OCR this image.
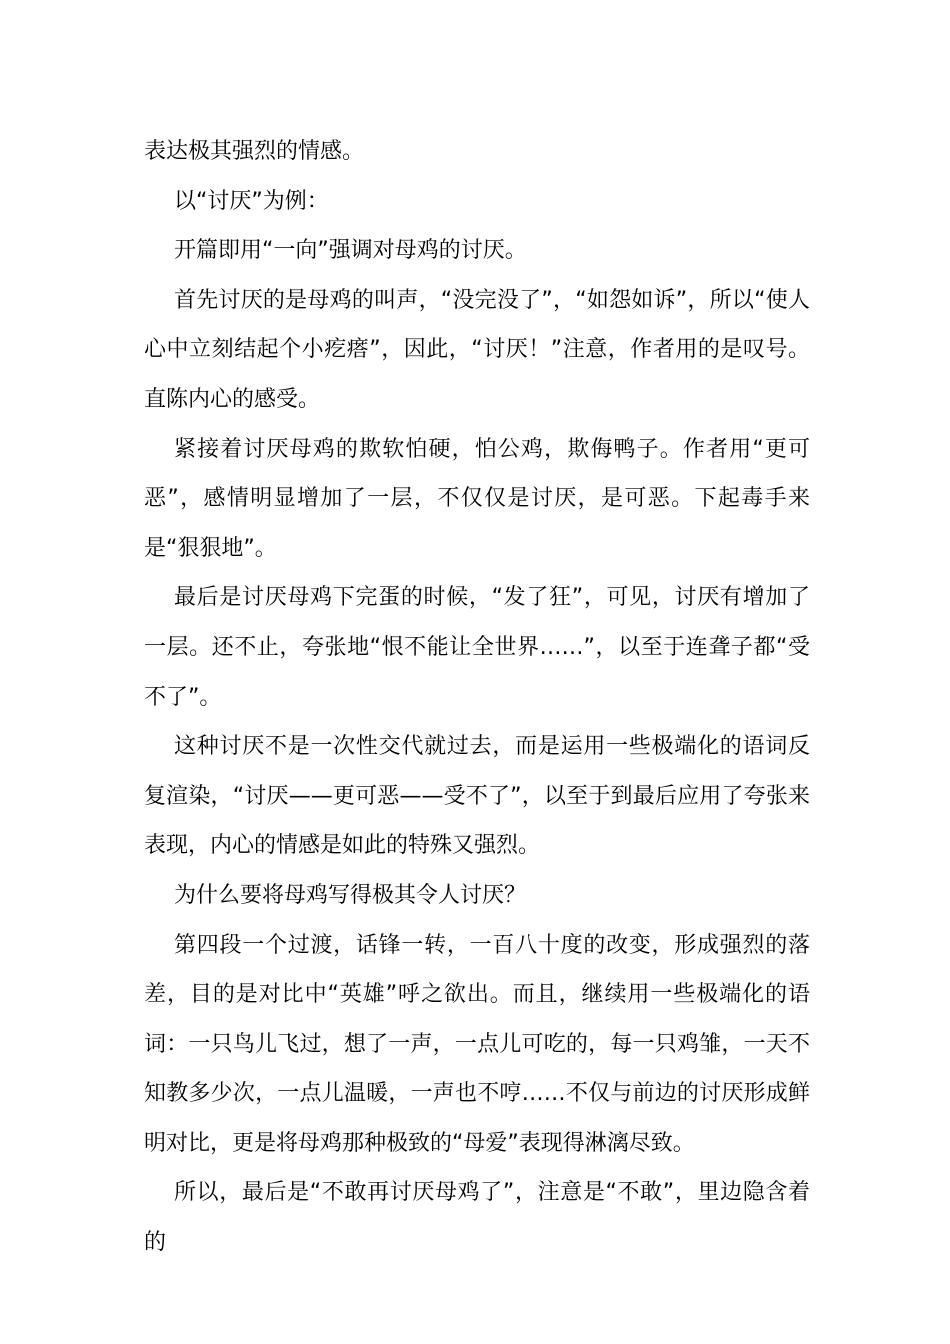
表达极其强烈的情感。

以“讨厌”为例：

开篇即用“一向”强调对母鸡的讨厌。

首先讨厌的是母鸡的叫声，“没完没了”，“如怨如诉”，所以“使人心中立刻结起个小疙瘩”，因此，“讨厌！”注意，作者用的是叹号。直陈内心的感受。

紧接着讨厌母鸡的欺软怕硬，怕公鸡，欺侮鸭子。作者用“更可恶”，感情明显增加了一层，不仅仅是讨厌，是可恶。下起毒手来是“狠狠地”。

最后是讨厌母鸡下完蛋的时候，“发了狂”，可见，讨厌有增加了一层。还不止，夸张地“恨不能让全世界……”，以至于连聋子都“受不了”。

这种讨厌不是一次性交代就过去，而是运用一些极端化的语词反复渲染，“讨厌——更可恶——受不了”，以至于到最后应用了夸张来表现，内心的情感是如此的特殊又强烈。

为什么要将母鸡写得极其令人讨厌？

第四段一个过渡，话锋一转，一百八十度的改变，形成强烈的落差，目的是对比中“英雄”呼之欲出。而且，继续用一些极端化的语词：一只鸟儿飞过，想了一声，一点儿可吃的，每一只鸡雏，一天不知教多少次，一点儿温暖，一声也不哼……不仅与前边的讨厌形成鲜明对比，更是将母鸡那种极致的“母爱”表现得淋漓尽致。

所以，最后是“不敢再讨厌母鸡了”，注意是“不敢”，里边隐含着的
